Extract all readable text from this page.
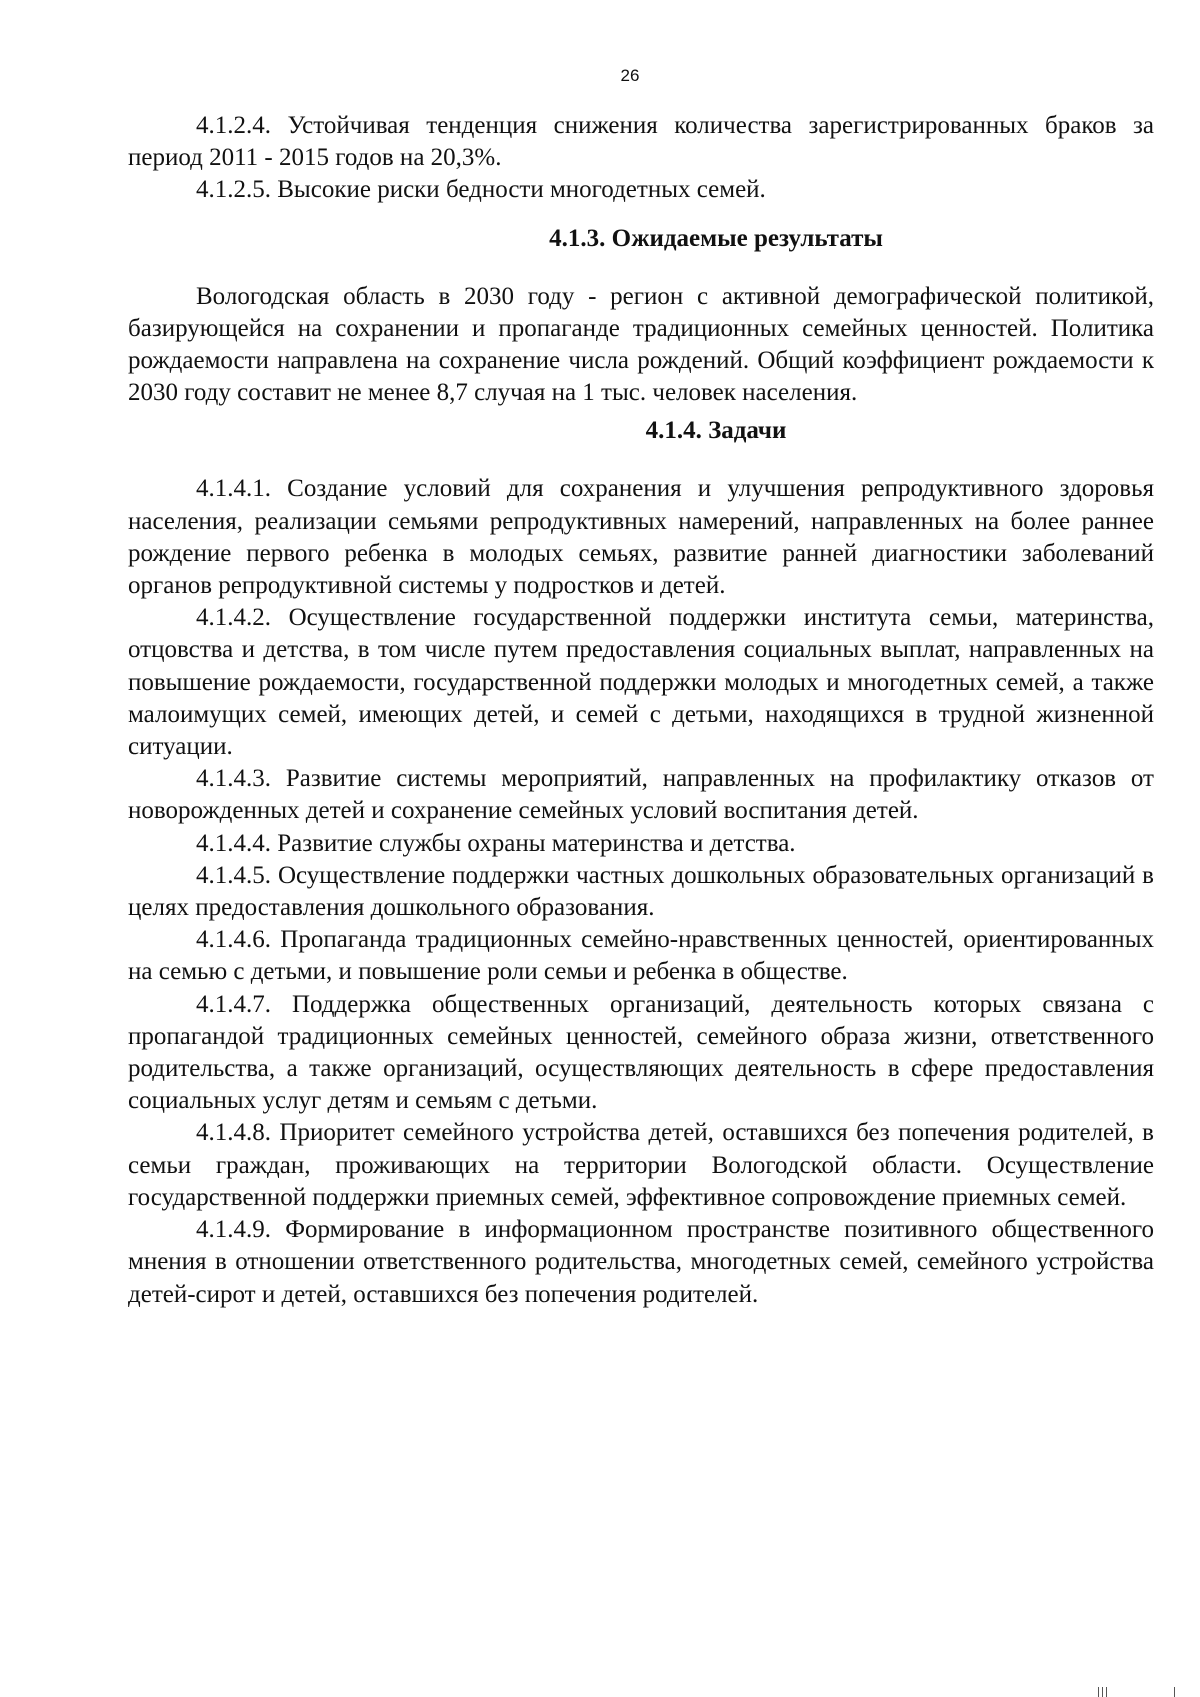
26

4.1.2.4. Устойчивая тенденция снижения количества зарегистрированных браков за период 2011 - 2015 годов на 20,3%.

4.1.2.5. Высокие риски бедности многодетных семей.

4.1.3. Ожидаемые результаты

Вологодская область в 2030 году - регион с активной демографической политикой, базирующейся на сохранении и пропаганде традиционных семейных ценностей. Политика рождаемости направлена на сохранение числа рождений. Общий коэффициент рождаемости к 2030 году составит не менее 8,7 случая на 1 тыс. человек населения.

4.1.4. Задачи

4.1.4.1. Создание условий для сохранения и улучшения репродуктивного здоровья населения, реализации семьями репродуктивных намерений, направленных на более раннее рождение первого ребенка в молодых семьях, развитие ранней диагностики заболеваний органов репродуктивной системы у подростков и детей.

4.1.4.2. Осуществление государственной поддержки института семьи, материнства, отцовства и детства, в том числе путем предоставления социальных выплат, направленных на повышение рождаемости, государственной поддержки молодых и многодетных семей, а также малоимущих семей, имеющих детей, и семей с детьми, находящихся в трудной жизненной ситуации.

4.1.4.3. Развитие системы мероприятий, направленных на профилактику отказов от новорожденных детей и сохранение семейных условий воспитания детей.

4.1.4.4. Развитие службы охраны материнства и детства.

4.1.4.5. Осуществление поддержки частных дошкольных образовательных организаций в целях предоставления дошкольного образования.

4.1.4.6. Пропаганда традиционных семейно-нравственных ценностей, ориентированных на семью с детьми, и повышение роли семьи и ребенка в обществе.

4.1.4.7. Поддержка общественных организаций, деятельность которых связана с пропагандой традиционных семейных ценностей, семейного образа жизни, ответственного родительства, а также организаций, осуществляющих деятельность в сфере предоставления социальных услуг детям и семьям с детьми.

4.1.4.8. Приоритет семейного устройства детей, оставшихся без попечения родителей, в семьи граждан, проживающих на территории Вологодской области. Осуществление государственной поддержки приемных семей, эффективное сопровождение приемных семей.

4.1.4.9. Формирование в информационном пространстве позитивного общественного мнения в отношении ответственного родительства, многодетных семей, семейного устройства детей-сирот и детей, оставшихся без попечения родителей.
